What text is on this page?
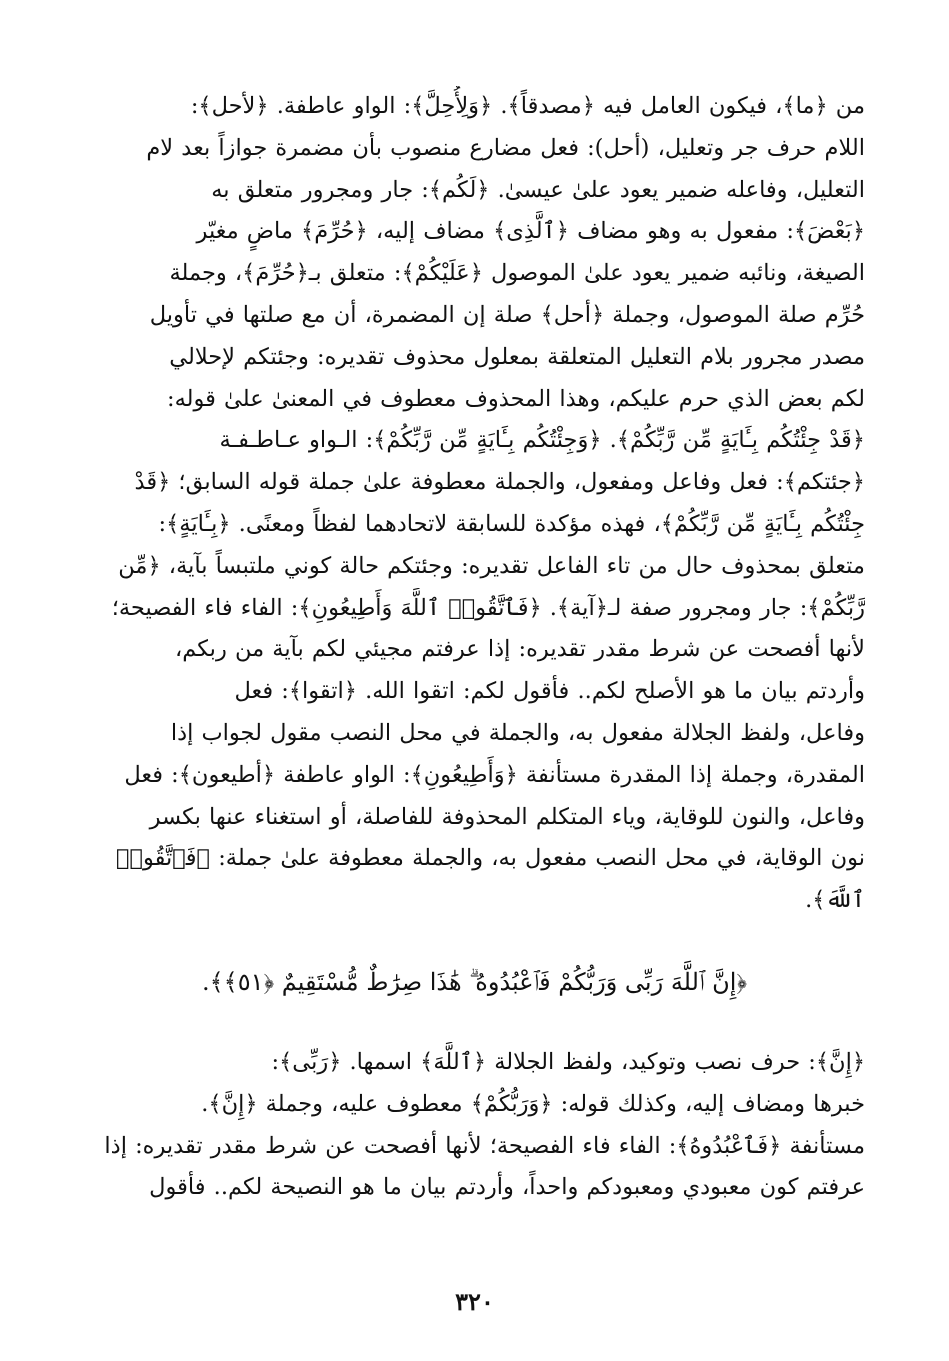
من ﴿ما﴾، فيكون العامل فيه ﴿مصدقاً﴾. ﴿وَلِأُحِلَّ﴾: الواو عاطفة. ﴿لأحل﴾:
اللام حرف جر وتعليل، (أحل): فعل مضارع منصوب بأن مضمرة جوازاً بعد لام
التعليل، وفاعله ضمير يعود علىٰ عيسىٰ. ﴿لَكُم﴾: جار ومجرور متعلق به
﴿بَعْضَ﴾: مفعول به وهو مضاف ﴿ٱلَّذِى﴾ مضاف إليه، ﴿حُرِّمَ﴾ ماضٍ مغيّر
الصيغة، ونائبه ضمير يعود علىٰ الموصول ﴿عَلَيْكُمْ﴾: متعلق بـ﴿حُرِّمَ﴾، وجملة
حُرِّم صلة الموصول، وجملة ﴿أحل﴾ صلة إن المضمرة، أن مع صلتها في تأويل
مصدر مجرور بلام التعليل المتعلقة بمعلول محذوف تقديره: وجئتكم لإحلالي
لكم بعض الذي حرم عليكم، وهذا المحذوف معطوف في المعنىٰ علىٰ قوله:
﴿قَدْ جِئْتُكُم بِـَٔايَةٍ مِّن رَّبِّكُمْ﴾. ﴿وَجِئْتُكُم بِـَٔايَةٍ مِّن رَّبِّكُمْ﴾: الـواو عـاطـفـة
﴿جئتكم﴾: فعل وفاعل ومفعول، والجملة معطوفة علىٰ جملة قوله السابق؛ ﴿قَدْ
جِئْتُكُم بِـَٔايَةٍ مِّن رَّبِّكُمْ﴾، فهذه مؤكدة للسابقة لاتحادهما لفظاً ومعنًى. ﴿بِـَٔايَةٍ﴾:
متعلق بمحذوف حال من تاء الفاعل تقديره: وجئتكم حالة كوني ملتبساً بآية، ﴿مِّن
رَّبِّكُمْ﴾: جار ومجرور صفة لـ﴿آية﴾. ﴿فَٱتَّقُوا۟ ٱللَّهَ وَأَطِيعُونِ﴾: الفاء فاء الفصيحة؛
لأنها أفصحت عن شرط مقدر تقديره: إذا عرفتم مجيئي لكم بآية من ربكم،
وأردتم بيان ما هو الأصلح لكم.. فأقول لكم: اتقوا الله. ﴿اتقوا﴾: فعل
وفاعل، ولفظ الجلالة مفعول به، والجملة في محل النصب مقول لجواب إذا
المقدرة، وجملة إذا المقدرة مستأنفة ﴿وَأَطِيعُونِ﴾: الواو عاطفة ﴿أطيعون﴾: فعل
وفاعل، والنون للوقاية، وياء المتكلم المحذوفة للفاصلة، أو استغناء عنها بكسر
نون الوقاية، في محل النصب مفعول به، والجملة معطوفة علىٰ جملة: ﴿فَٱتَّقُوا۟
ٱللَّهَ﴾.
﴿إِنَّ ٱللَّهَ رَبِّى وَرَبُّكُمْ فَٱعْبُدُوهُ ۗ هَٰذَا صِرَٰطٌ مُّسْتَقِيمٌ ﴿٥١﴾﴾.
﴿إِنَّ﴾: حرف نصب وتوكيد، ولفظ الجلالة ﴿ٱللَّهَ﴾ اسمها. ﴿رَبِّى﴾:
خبرها ومضاف إليه، وكذلك قوله: ﴿وَرَبُّكُمْ﴾ معطوف عليه، وجملة ﴿إِنَّ﴾.
مستأنفة ﴿فَٱعْبُدُوهُ﴾: الفاء فاء الفصيحة؛ لأنها أفصحت عن شرط مقدر تقديره: إذا
عرفتم كون معبودي ومعبودكم واحداً، وأردتم بيان ما هو النصيحة لكم.. فأقول
٣٢٠
